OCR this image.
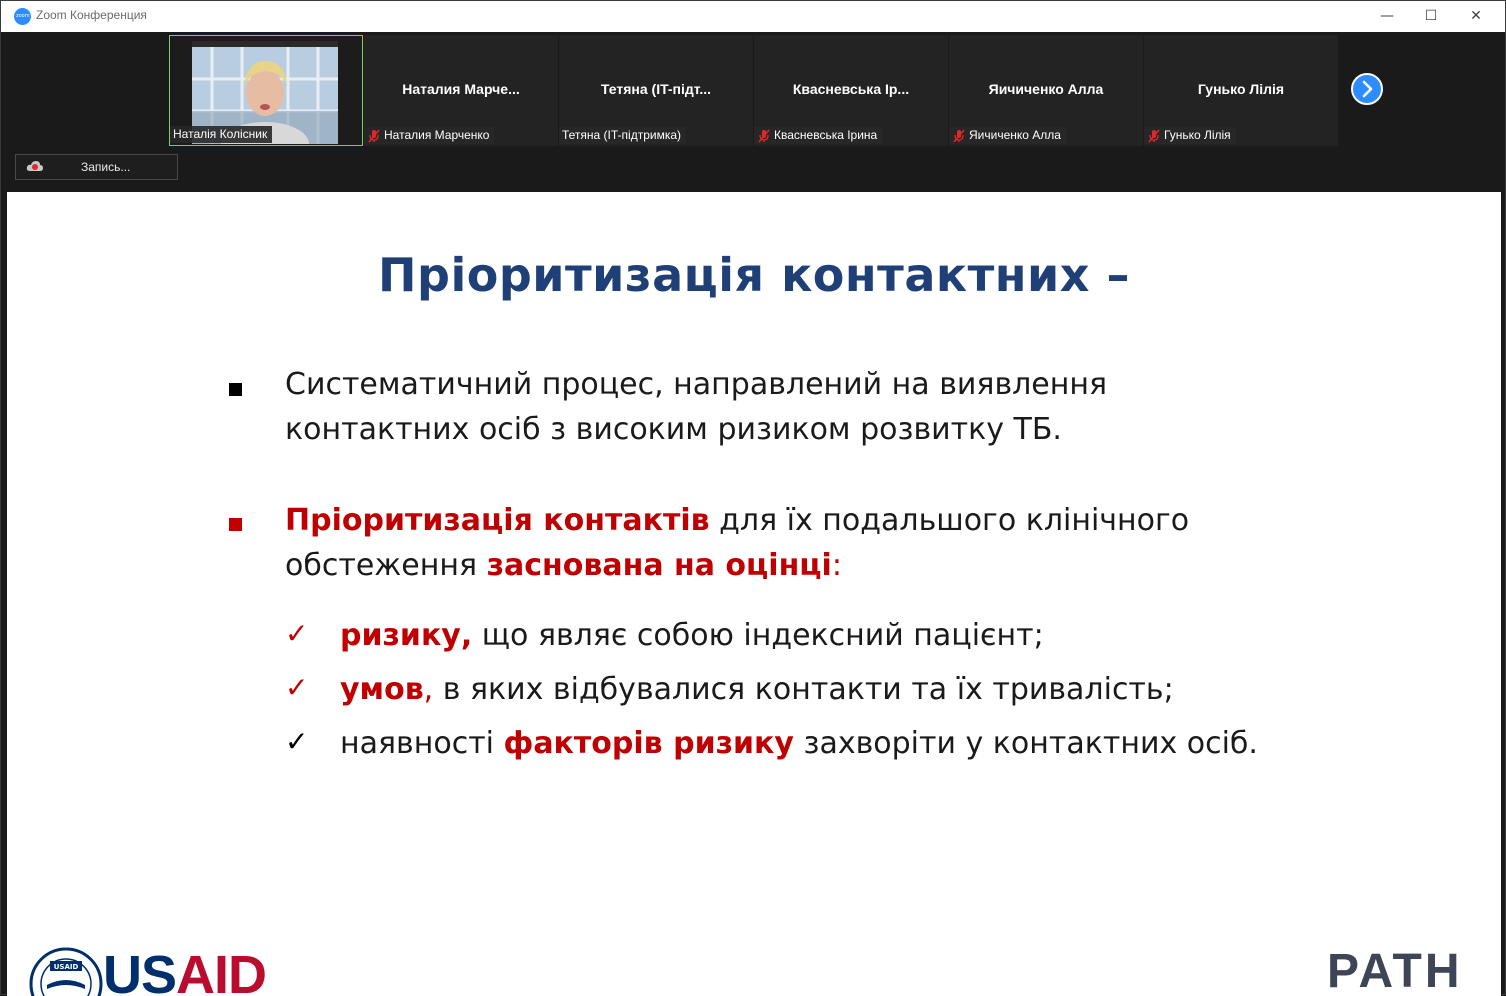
zoom Zoom Конференция	—	☐	✕
Наталія Колісник
Наталия Марче...
Наталия Марченко
Тетяна (IT-підт...
Тетяна (IT-підтримка)
Квасневська Ір...
Квасневська Ірина
Яичиченко Алла
Яичиченко Алла
Гунько Лілія
Гунько Лілія
Запись...
Пріоритизація контактних –
Систематичний процес, направлений на виявлення
контактних осіб з високим ризиком розвитку ТБ.
Пріоритизація контактів для їх подальшого клінічного
обстеження заснована на оцінці:
✓ ризику, що являє собою індексний пацієнт;
✓ умов, в яких відбувалися контакти та їх тривалість;
✓ наявності факторів ризику захворіти у контактних осіб.
USAID USAID	PATH
